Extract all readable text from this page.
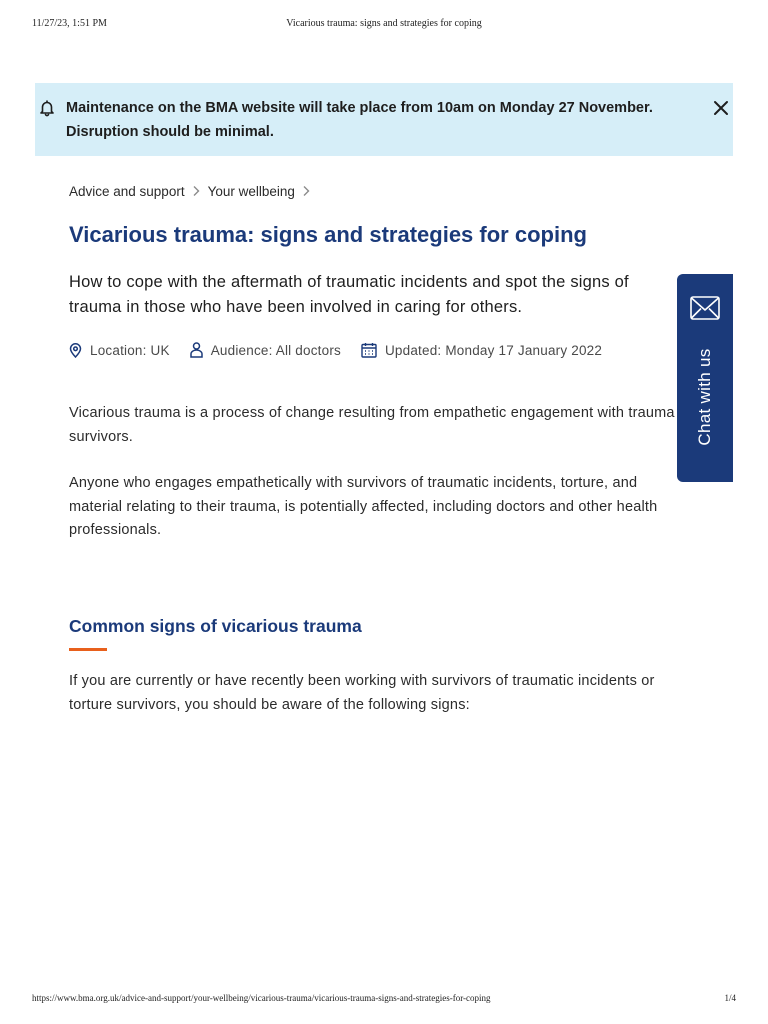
11/27/23, 1:51 PM	Vicarious trauma: signs and strategies for coping
Maintenance on the BMA website will take place from 10am on Monday 27 November.
Disruption should be minimal.
Advice and support Your wellbeing
Vicarious trauma: signs and strategies for coping

How to cope with the aftermath of traumatic incidents and spot the signs of trauma in those who have been involved in caring for others.

Location: UK	Audience: All doctors	Updated: Monday 17 January 2022

Vicarious trauma is a process of change resulting from empathetic engagement with trauma survivors.

Anyone who engages empathetically with survivors of traumatic incidents, torture, and material relating to their trauma, is potentially affected, including doctors and other health professionals.

Common signs of vicarious trauma

If you are currently or have recently been working with survivors of traumatic incidents or torture survivors, you should be aware of the following signs:

Chat with us
https://www.bma.org.uk/advice-and-support/your-wellbeing/vicarious-trauma/vicarious-trauma-signs-and-strategies-for-coping	1/4
